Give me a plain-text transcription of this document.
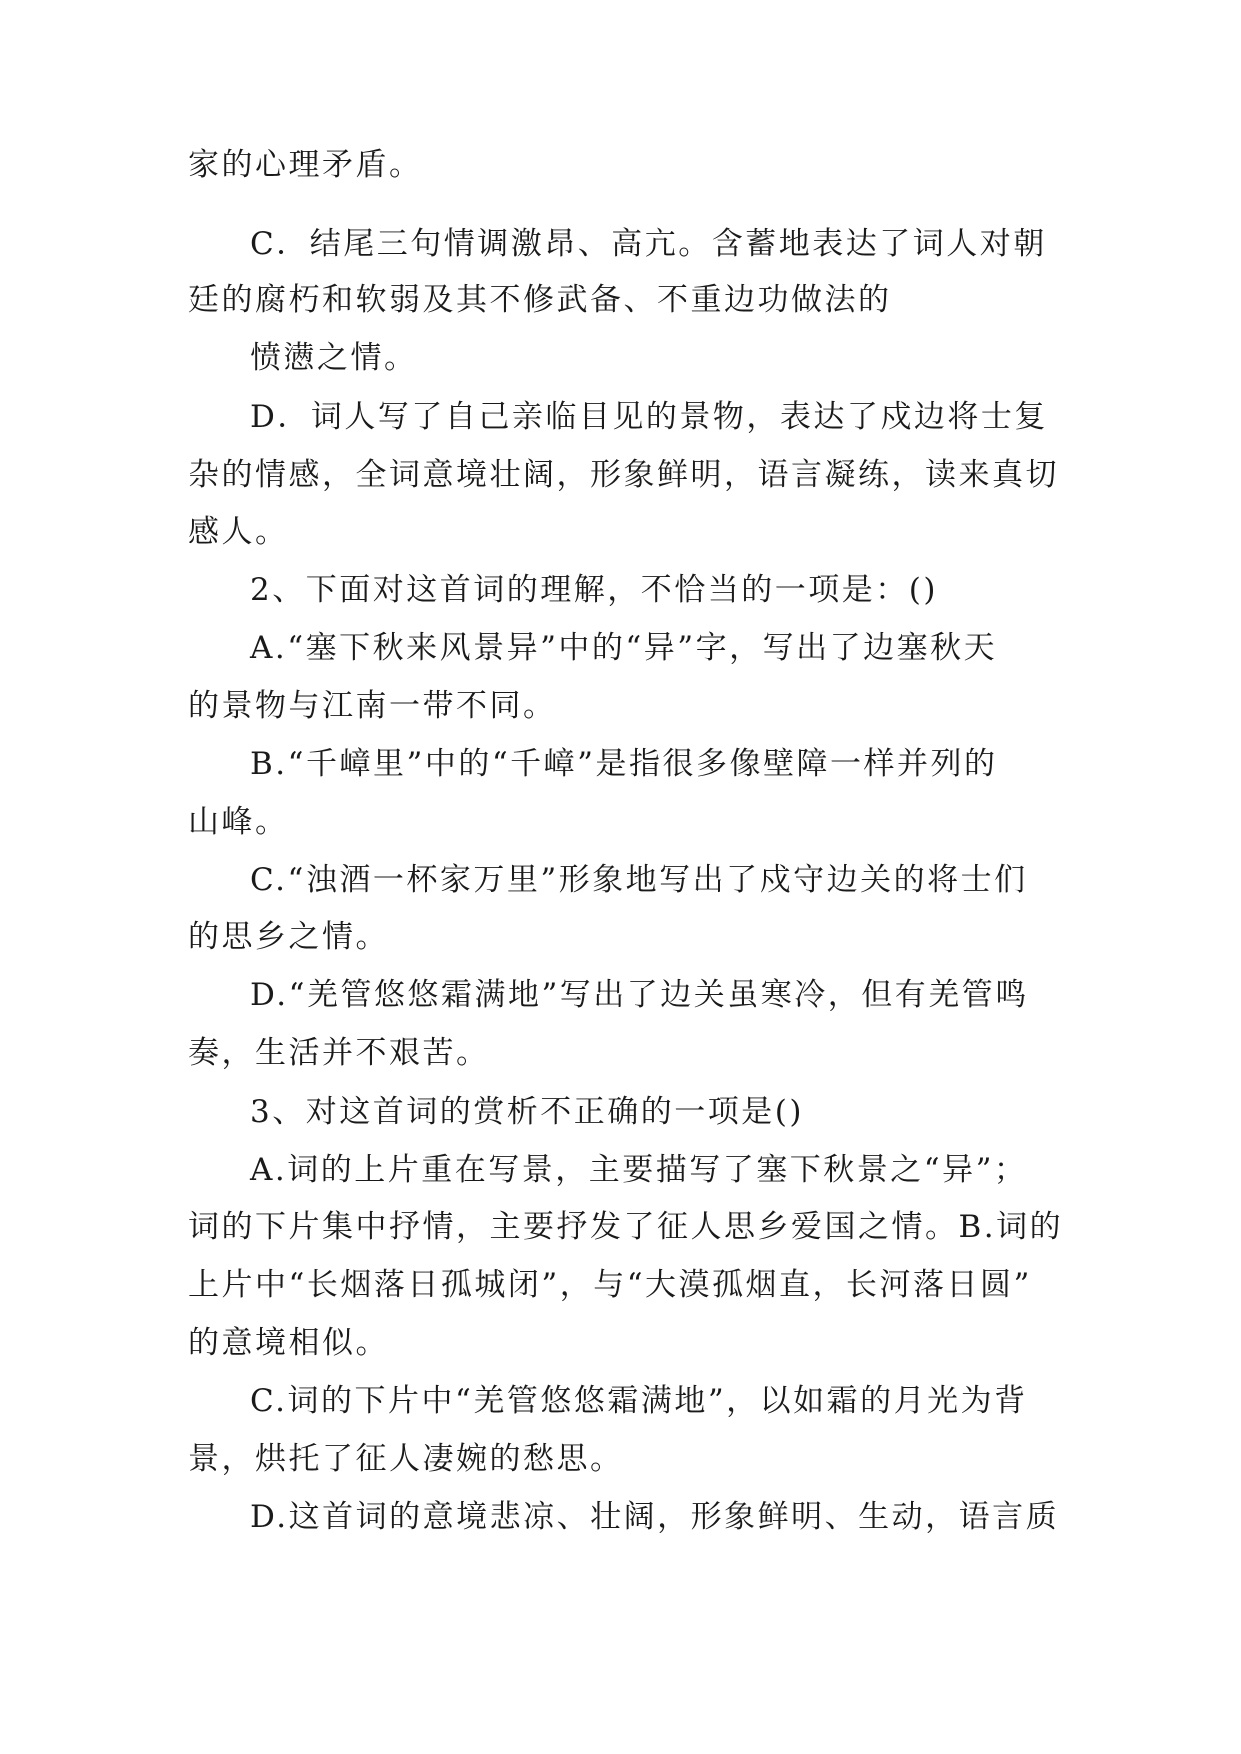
家的心理矛盾。

C．结尾三句情调激昂、高亢。含蓄地表达了词人对朝

廷的腐朽和软弱及其不修武备、不重边功做法的

愤懑之情。

D．词人写了自己亲临目见的景物，表达了戍边将士复

杂的情感，全词意境壮阔，形象鲜明，语言凝练，读来真切

感人。

2、下面对这首词的理解，不恰当的一项是：()

A.“塞下秋来风景异”中的“异”字，写出了边塞秋天

的景物与江南一带不同。

B.“千嶂里”中的“千嶂”是指很多像壁障一样并列的

山峰。

C.“浊酒一杯家万里”形象地写出了戍守边关的将士们

的思乡之情。

D.“羌管悠悠霜满地”写出了边关虽寒冷，但有羌管鸣

奏，生活并不艰苦。

3、对这首词的赏析不正确的一项是()

A.词的上片重在写景，主要描写了塞下秋景之“异”；

词的下片集中抒情，主要抒发了征人思乡爱国之情。B.词的

上片中“长烟落日孤城闭”，与“大漠孤烟直，长河落日圆”

的意境相似。

C.词的下片中“羌管悠悠霜满地”，以如霜的月光为背

景，烘托了征人凄婉的愁思。

D.这首词的意境悲凉、壮阔，形象鲜明、生动，语言质
